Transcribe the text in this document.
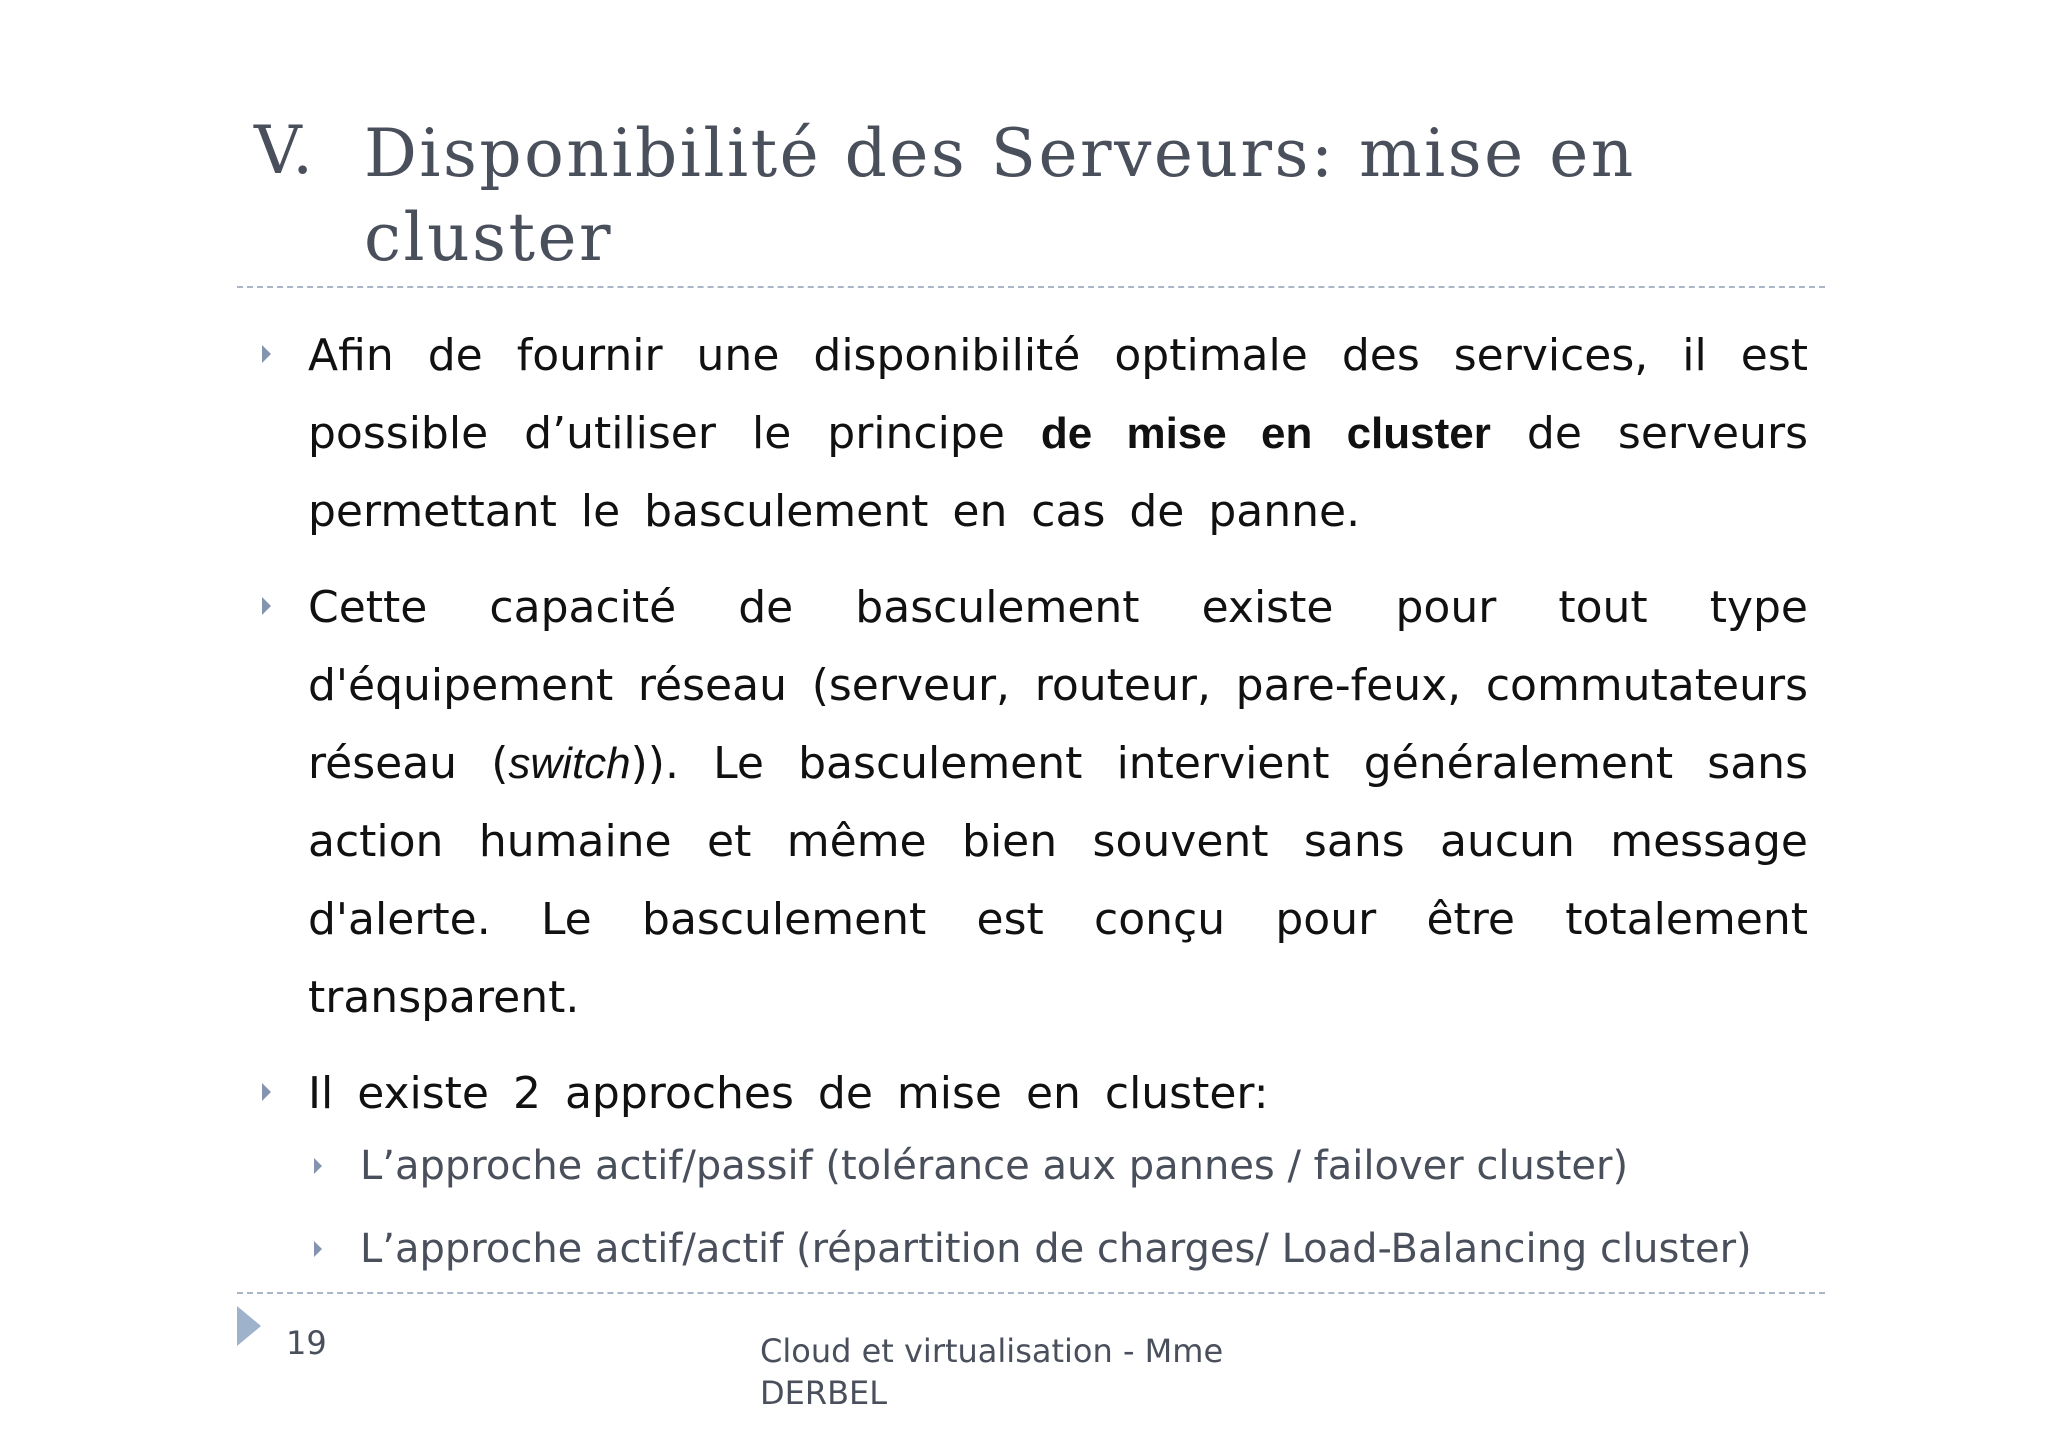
V. Disponibilité des Serveurs: mise en
cluster
Afin de fournir une disponibilité optimale des services, il est possible d’utiliser le principe de mise en cluster de serveurs permettant le basculement en cas de panne.
Cette capacité de basculement existe pour tout type d'équipement réseau (serveur, routeur, pare-feux, commutateurs réseau (switch)). Le basculement intervient généralement sans action humaine et même bien souvent sans aucun message d'alerte. Le basculement est conçu pour être totalement transparent.
Il existe 2 approches de mise en cluster:
L’approche actif/passif (tolérance aux pannes / failover cluster)
L’approche actif/actif (répartition de charges/ Load-Balancing cluster)
19	Cloud et virtualisation - Mme
DERBEL
